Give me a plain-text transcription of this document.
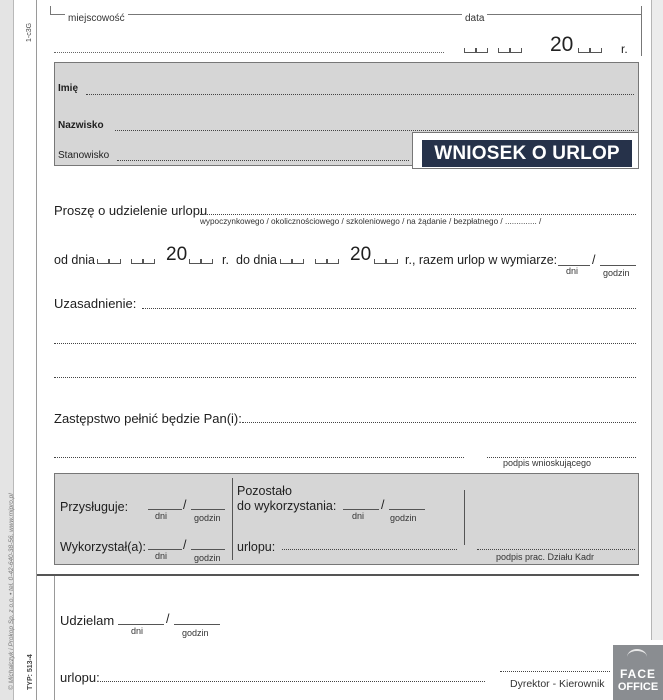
1-c3G
© Michalczyk i Prokop Sp. z o.o. • tel. 0-42-640-38-56, www.mipro.pl TYP: 513-4
miejscowość	data
20	r.
Imię
Nazwisko
Stanowisko	WNIOSEK O URLOP
Proszę o udzielenie urlopu
wypoczynkowego / okolicznościowego / szkoleniowego / na żądanie / bezpłatnego / .............. /
od dnia	20	r. do dnia	20	r., razem urlop w wymiarze:	/
dni	godzin
Uzasadnienie:
Zastępstwo pełnić będzie Pan(i):
podpis wnioskującego
Przysługuje:	/
dni	godzin
Wykorzystał(a):	/
dni	godzin
Pozostało
do wykorzystania:	/
dni	godzin
urlopu:
podpis prac. Działu Kadr
Udzielam	/
dni	godzin
urlopu:	Dyrektor - Kierownik
FACE
OFFICE
